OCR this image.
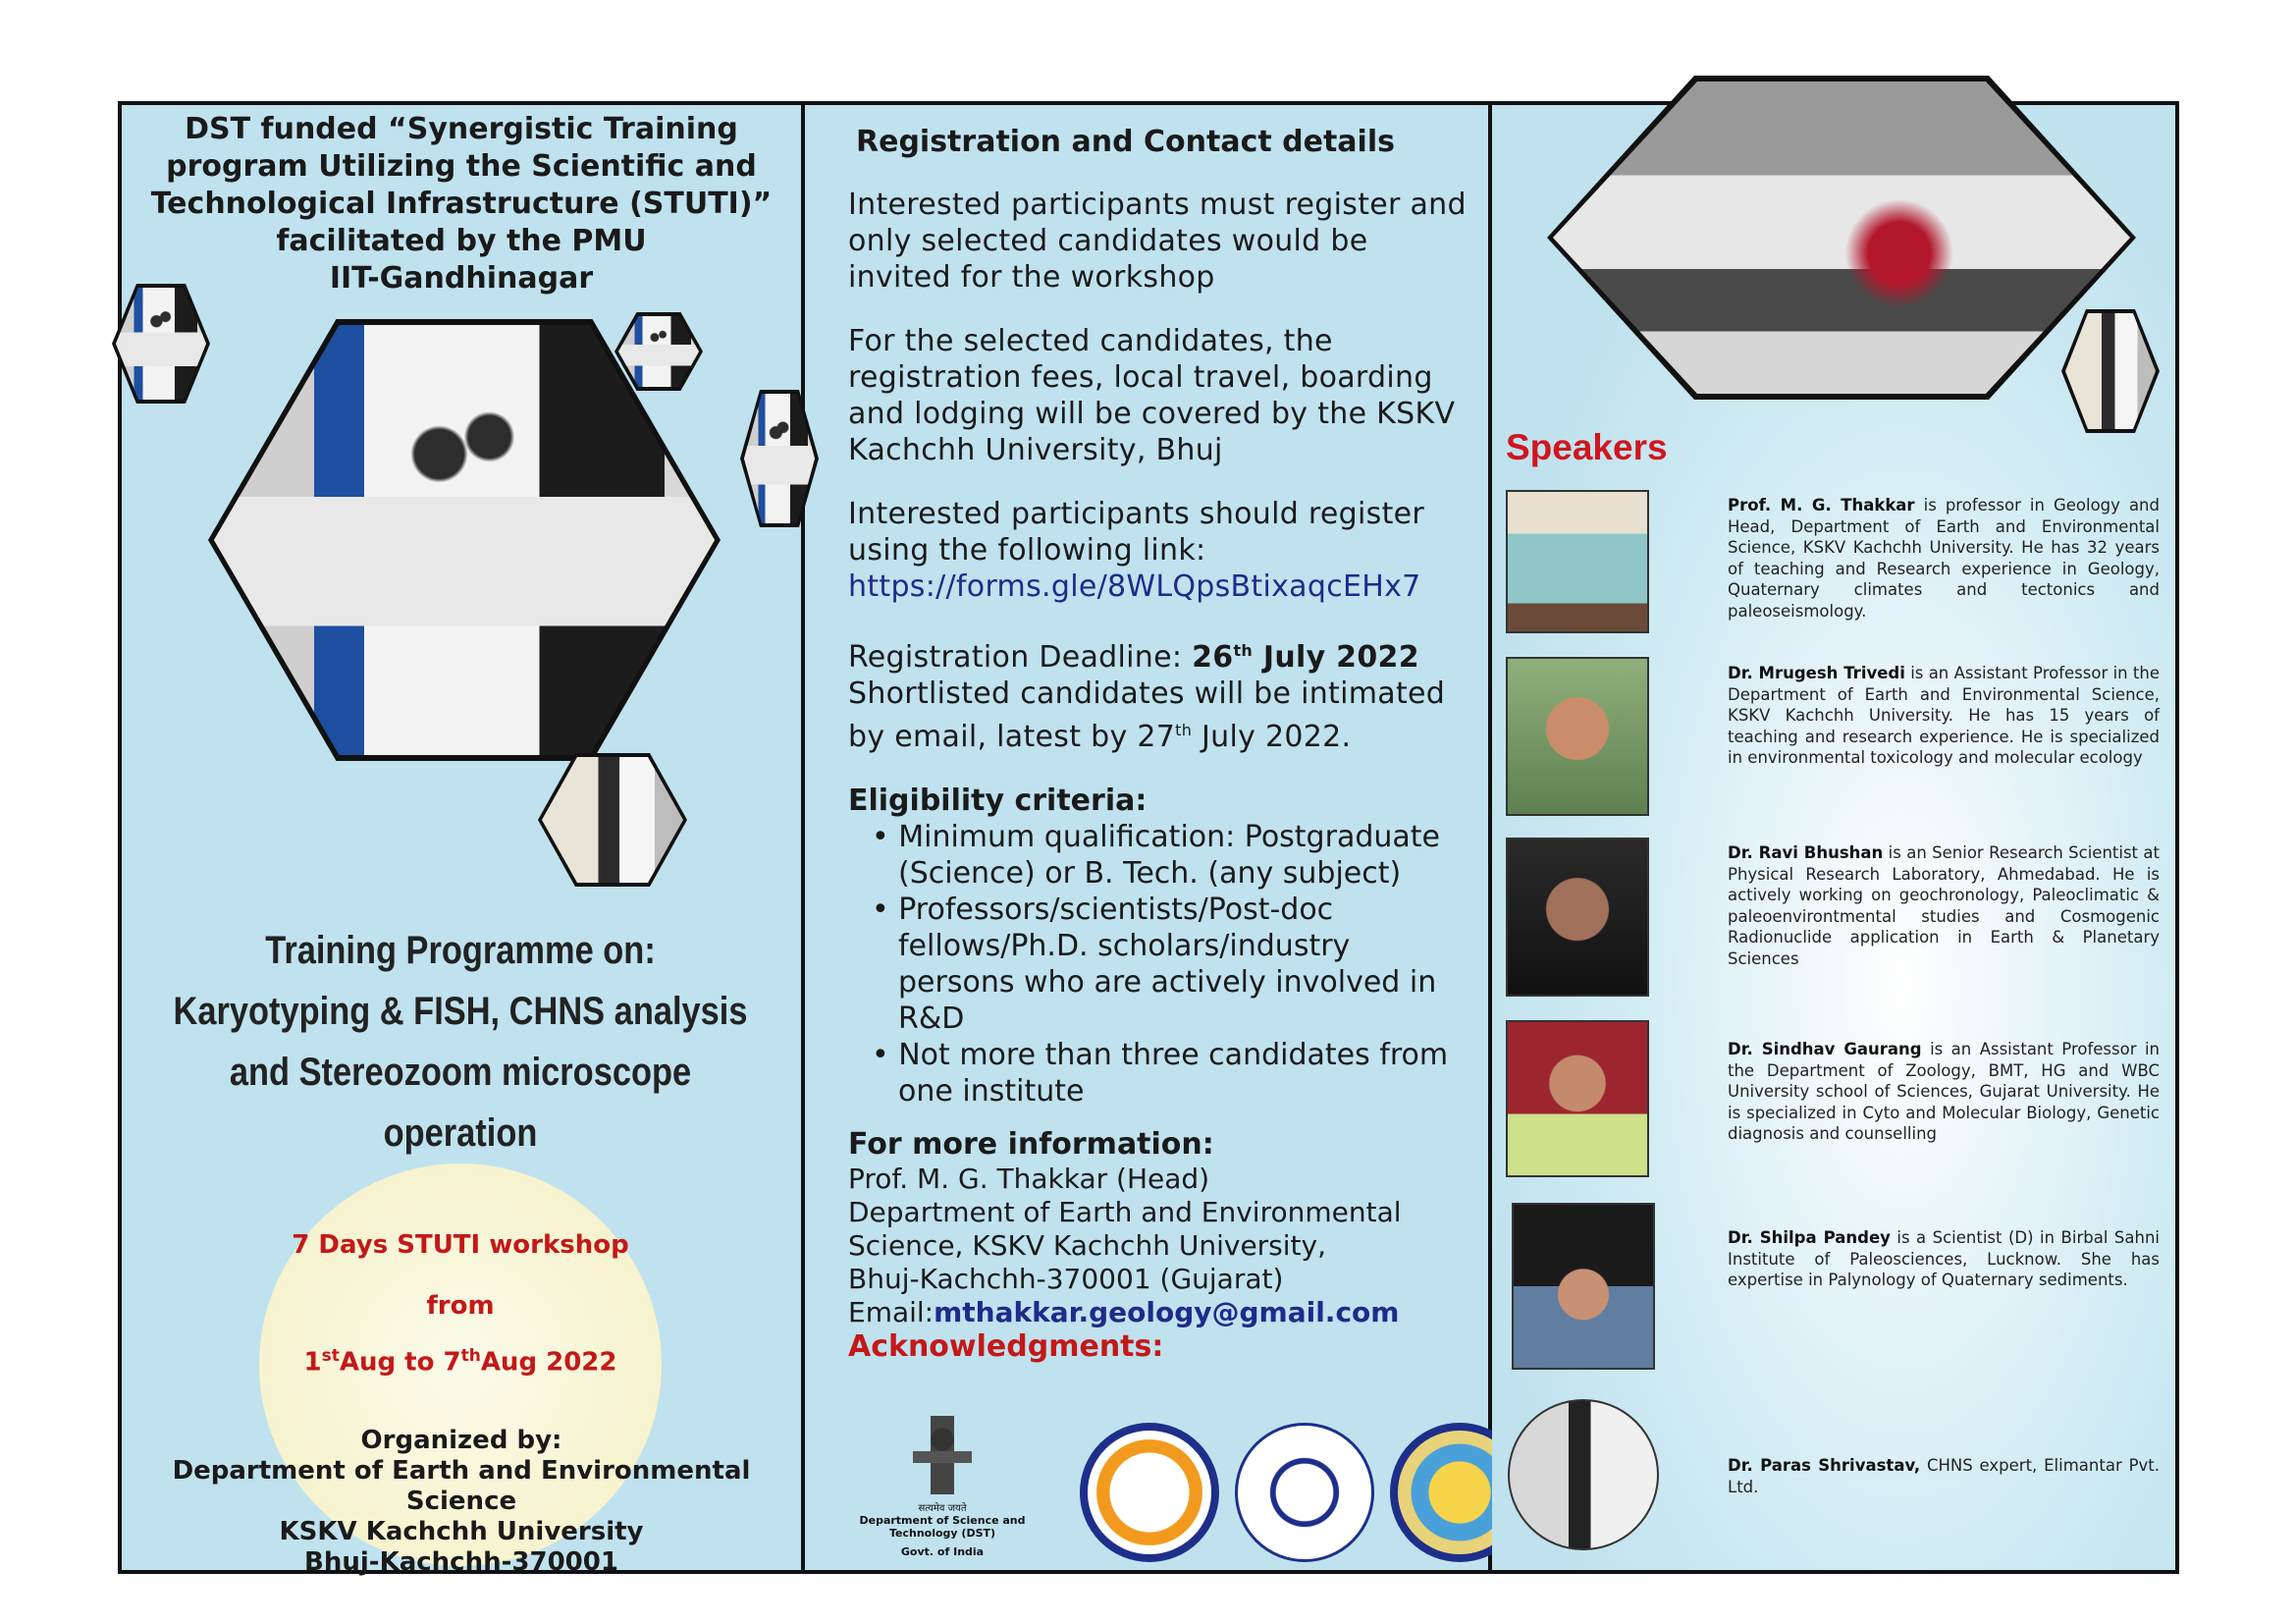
DST funded “Synergistic Training
program Utilizing the Scientific and
Technological Infrastructure (STUTI)”
facilitated by the PMU
IIT-Gandhinagar
Training Programme on:
Karyotyping & FISH, CHNS analysis
and Stereozoom microscope
operation
7 Days STUTI workshop
from
1stAug to 7thAug 2022
Organized by:
Department of Earth and Environmental Science
KSKV Kachchh University
Bhuj-Kachchh-370001
Registration and Contact details

Interested participants must register and only selected candidates would be invited for the workshop

For the selected candidates, the registration fees, local travel, boarding and lodging will be covered by the KSKV Kachchh University, Bhuj

Interested participants should register using the following link:
https://forms.gle/8WLQpsBtixaqcEHx7

Registration Deadline: 26th July 2022
Shortlisted candidates will be intimated by email, latest by 27th July 2022.

Eligibility criteria:
• Minimum qualification: Postgraduate (Science) or B. Tech. (any subject)
• Professors/scientists/Post-doc fellows/Ph.D. scholars/industry persons who are actively involved in R&D
• Not more than three candidates from one institute
For more information:
Prof. M. G. Thakkar (Head)
Department of Earth and Environmental
Science, KSKV Kachchh University,
Bhuj-Kachchh-370001 (Gujarat)
Email:mthakkar.geology@gmail.com
Acknowledgments:
सत्यमेव जयते
Department of Science and Technology (DST)
Govt. of India
Speakers
Prof. M. G. Thakkar is professor in Geology and Head, Department of Earth and Environmental Science, KSKV Kachchh University. He has 32 years of teaching and Research experience in Geology, Quaternary climates and tectonics and paleoseismology.
Dr. Mrugesh Trivedi is an Assistant Professor in the Department of Earth and Environmental Science, KSKV Kachchh University. He has 15 years of teaching and research experience. He is specialized in environmental toxicology and molecular ecology
Dr. Ravi Bhushan is an Senior Research Scientist at Physical Research Laboratory, Ahmedabad. He is actively working on geochronology, Paleoclimatic & paleoenvirontmental studies and Cosmogenic Radionuclide application in Earth & Planetary Sciences
Dr. Sindhav Gaurang is an Assistant Professor in the Department of Zoology, BMT, HG and WBC University school of Sciences, Gujarat University. He is specialized in Cyto and Molecular Biology, Genetic diagnosis and counselling
Dr. Shilpa Pandey is a Scientist (D) in Birbal Sahni Institute of Paleosciences, Lucknow. She has expertise in Palynology of Quaternary sediments.
Dr. Paras Shrivastav, CHNS expert, Elimantar Pvt. Ltd.
